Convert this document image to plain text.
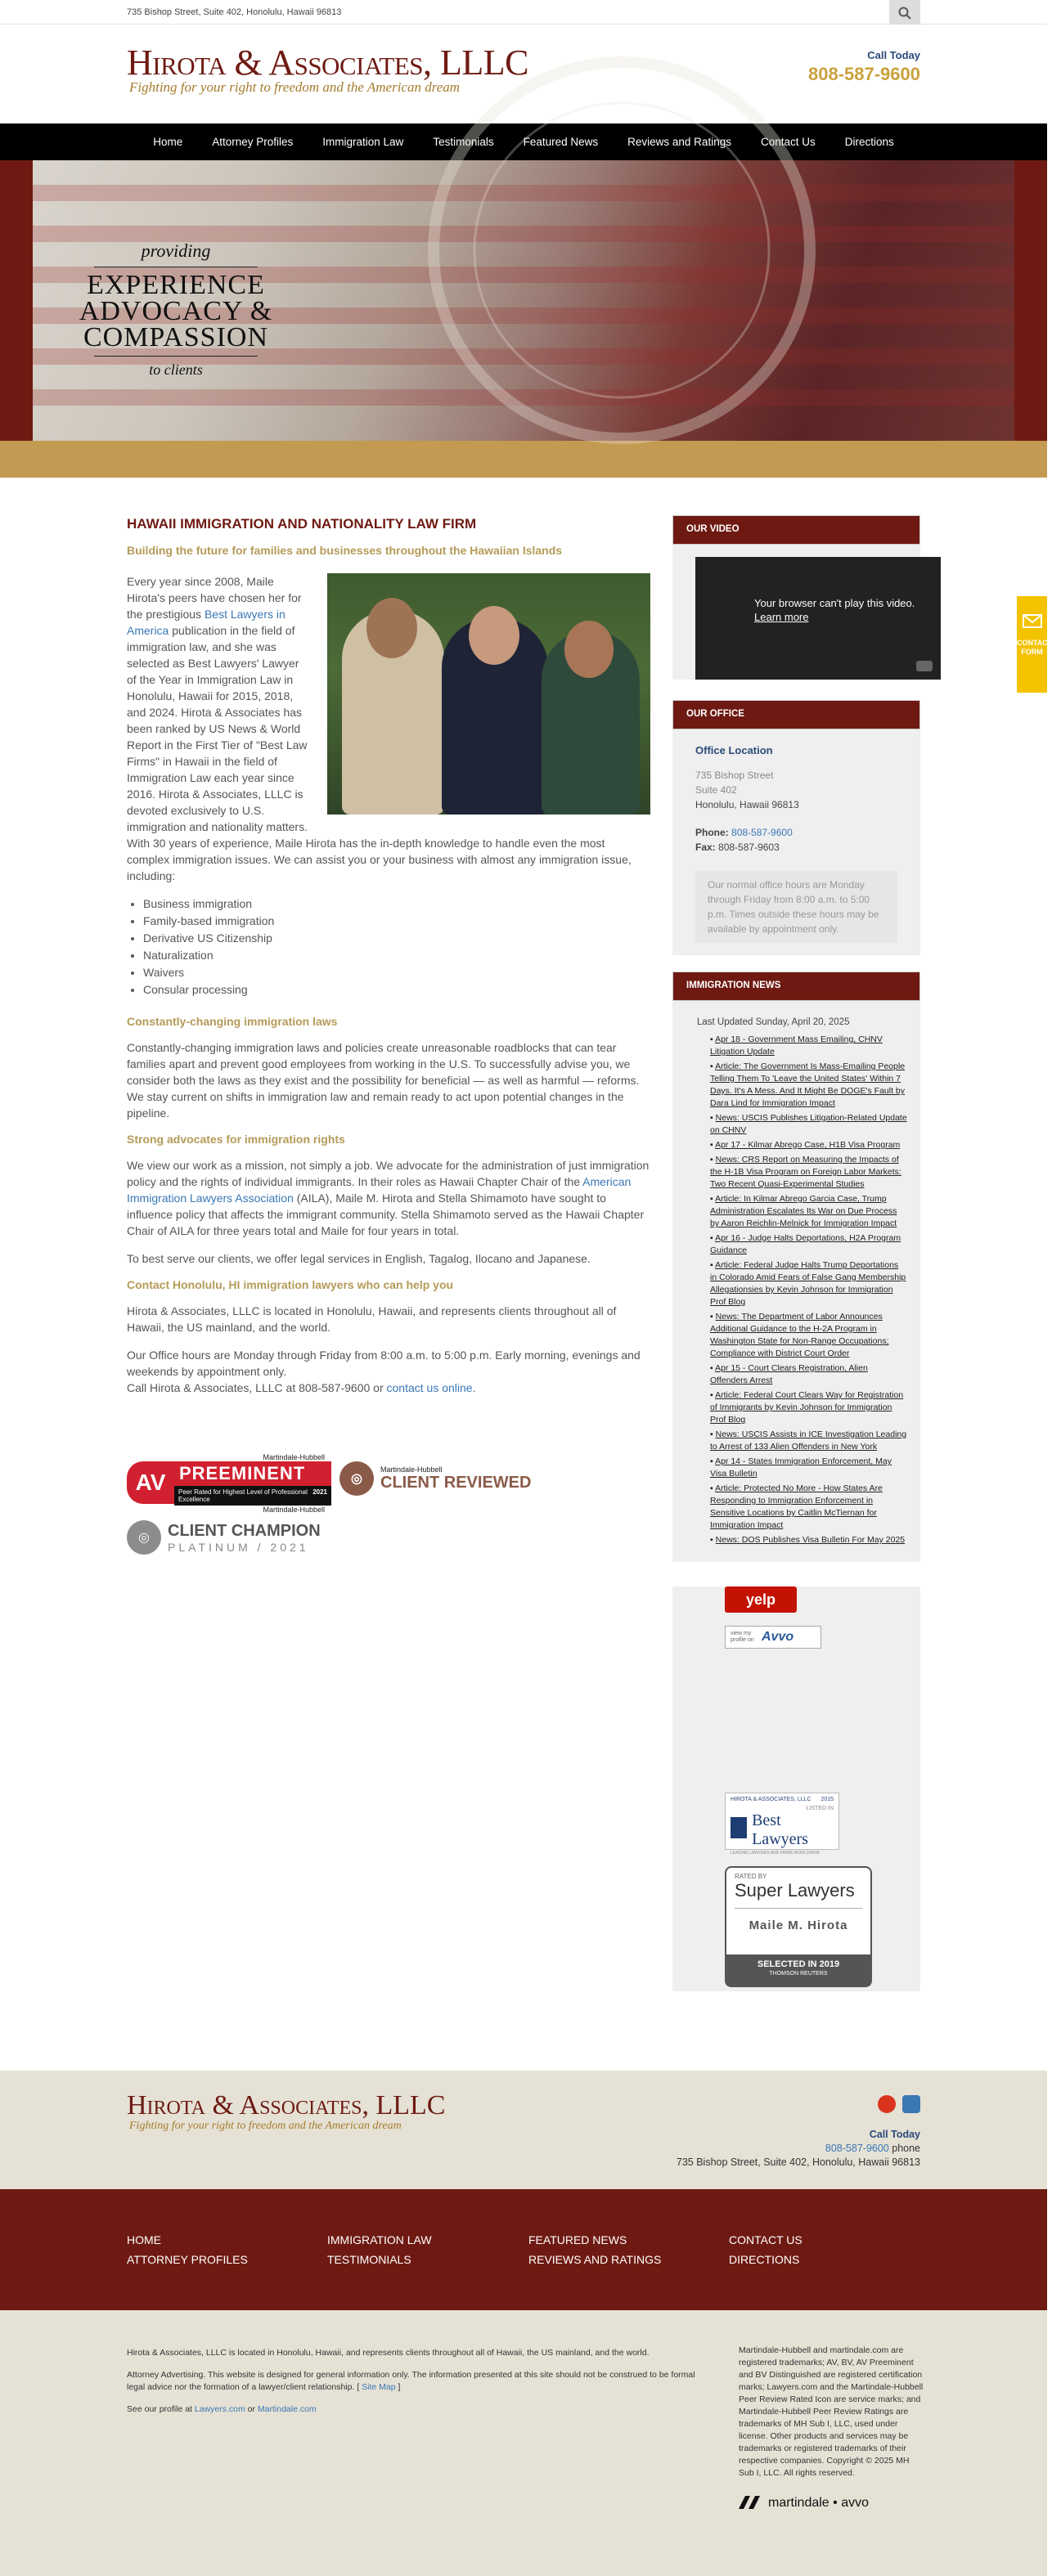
735 Bishop Street, Suite 402, Honolulu, Hawaii 96813
Hirota & Associates, LLLC
Fighting for your right to freedom and the American dream
Call Today
808-587-9600
Home	Attorney Profiles	Immigration Law	Testimonials	Featured News	Reviews and Ratings	Contact Us	Directions
providing
EXPERIENCE
ADVOCACY &
COMPASSION
to clients
CONTACT FORM
HAWAII IMMIGRATION AND NATIONALITY LAW FIRM
Building the future for families and businesses throughout the Hawaiian Islands
Every year since 2008, Maile Hirota's peers have chosen her for the prestigious Best Lawyers in America publication in the field of immigration law, and she was selected as Best Lawyers' Lawyer of the Year in Immigration Law in Honolulu, Hawaii for 2015, 2018, and 2024. Hirota & Associates has been ranked by US News & World Report in the First Tier of "Best Law Firms" in Hawaii in the field of Immigration Law each year since 2016. Hirota & Associates, LLLC is devoted exclusively to U.S. immigration and nationality matters. With 30 years of experience, Maile Hirota has the in-depth knowledge to handle even the most complex immigration issues. We can assist you or your business with almost any immigration issue, including:
• Business immigration
• Family-based immigration
• Derivative US Citizenship
• Naturalization
• Waivers
• Consular processing
Constantly-changing immigration laws
Constantly-changing immigration laws and policies create unreasonable roadblocks that can tear families apart and prevent good employees from working in the U.S. To successfully advise you, we consider both the laws as they exist and the possibility for beneficial — as well as harmful — reforms. We stay current on shifts in immigration law and remain ready to act upon potential changes in the pipeline.
Strong advocates for immigration rights
We view our work as a mission, not simply a job. We advocate for the administration of just immigration policy and the rights of individual immigrants. In their roles as Hawaii Chapter Chair of the American Immigration Lawyers Association (AILA), Maile M. Hirota and Stella Shimamoto have sought to influence policy that affects the immigrant community. Stella Shimamoto served as the Hawaii Chapter Chair of AILA for three years total and Maile for four years in total.
To best serve our clients, we offer legal services in English, Tagalog, Ilocano and Japanese.
Contact Honolulu, HI immigration lawyers who can help you
Hirota & Associates, LLLC is located in Honolulu, Hawaii, and represents clients throughout all of Hawaii, the US mainland, and the world.
Our Office hours are Monday through Friday from 8:00 a.m. to 5:00 p.m. Early morning, evenings and weekends by appointment only.
Call Hirota & Associates, LLLC at 808-587-9600 or contact us online.
Martindale-Hubbell
AV PREEMINENT
Peer Rated for Highest Level of Professional Excellence
2021
Martindale-Hubbell
◎
Martindale-Hubbell
CLIENT REVIEWED
◎	CLIENT CHAMPION
PLATINUM / 2021
OUR VIDEO
Your browser can't play this video.
Learn more
OUR OFFICE
Office Location
735 Bishop Street
Suite 402
Honolulu, Hawaii 96813
Phone: 808-587-9600
Fax: 808-587-9603
Our normal office hours are Monday through Friday from 8:00 a.m. to 5:00 p.m. Times outside these hours may be available by appointment only.
IMMIGRATION NEWS
Last Updated Sunday, April 20, 2025
▪ Apr 18 - Government Mass Emailing, CHNV Litigation Update
▪ Article: The Government Is Mass-Emailing People Telling Them To 'Leave the United States' Within 7 Days. It's A Mess. And It Might Be DOGE's Fault by Dara Lind for Immigration Impact
▪ News: USCIS Publishes Litigation-Related Update on CHNV
▪ Apr 17 - Kilmar Abrego Case, H1B Visa Program
▪ News: CRS Report on Measuring the Impacts of the H-1B Visa Program on Foreign Labor Markets: Two Recent Quasi-Experimental Studies
▪ Article: In Kilmar Abrego Garcia Case, Trump Administration Escalates Its War on Due Process by Aaron Reichlin-Melnick for Immigration Impact
▪ Apr 16 - Judge Halts Deportations, H2A Program Guidance
▪ Article: Federal Judge Halts Trump Deportations in Colorado Amid Fears of False Gang Membership Allegationsies by Kevin Johnson for Immigration Prof Blog
▪ News: The Department of Labor Announces Additional Guidance to the H-2A Program in Washington State for Non-Range Occupations; Compliance with District Court Order
▪ Apr 15 - Court Clears Registration, Alien Offenders Arrest
▪ Article: Federal Court Clears Way for Registration of Immigrants by Kevin Johnson for Immigration Prof Blog
▪ News: USCIS Assists in ICE Investigation Leading to Arrest of 133 Alien Offenders in New York
▪ Apr 14 - States Immigration Enforcement, May Visa Bulletin
▪ Article: Protected No More - How States Are Responding to Immigration Enforcement in Sensitive Locations by Caitlin McTiernan for Immigration Impact
▪ News: DOS Publishes Visa Bulletin For May 2025
yelp
view my profile on Avvo
HIROTA & ASSOCIATES, LLLC 2015
LISTED IN
Best Lawyers
LEADING LAWYERS AND FIRMS WORLDWIDE
RATED BY
Super Lawyers
Maile M. Hirota
SELECTED IN 2019
THOMSON REUTERS
Hirota & Associates, LLLC
Fighting for your right to freedom and the American dream
Call Today
808-587-9600 phone
735 Bishop Street, Suite 402, Honolulu, Hawaii 96813
HOME
ATTORNEY PROFILES
IMMIGRATION LAW
TESTIMONIALS
FEATURED NEWS
REVIEWS AND RATINGS
CONTACT US
DIRECTIONS

Hirota & Associates, LLLC is located in Honolulu, Hawaii, and represents clients throughout all of Hawaii, the US mainland, and the world.

Attorney Advertising. This website is designed for general information only. The information presented at this site should not be construed to be formal legal advice nor the formation of a lawyer/client relationship. [ Site Map ]

See our profile at Lawyers.com or Martindale.com

Martindale-Hubbell and martindale.com are registered trademarks; AV, BV, AV Preeminent and BV Distinguished are registered certification marks; Lawyers.com and the Martindale-Hubbell Peer Review Rated Icon are service marks; and Martindale-Hubbell Peer Review Ratings are trademarks of MH Sub I, LLC, used under license. Other products and services may be trademarks or registered trademarks of their respective companies. Copyright © 2025 MH Sub I, LLC. All rights reserved.

martindale • avvo
